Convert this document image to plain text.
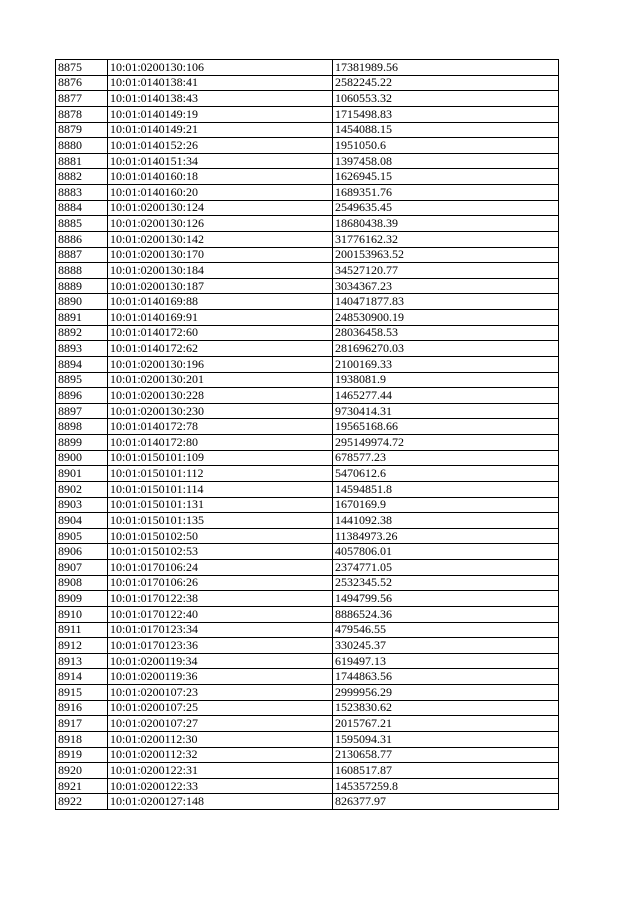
8875	10:01:0200130:106	17381989.56
8876	10:01:0140138:41	2582245.22
8877	10:01:0140138:43	1060553.32
8878	10:01:0140149:19	1715498.83
8879	10:01:0140149:21	1454088.15
8880	10:01:0140152:26	1951050.6
8881	10:01:0140151:34	1397458.08
8882	10:01:0140160:18	1626945.15
8883	10:01:0140160:20	1689351.76
8884	10:01:0200130:124	2549635.45
8885	10:01:0200130:126	18680438.39
8886	10:01:0200130:142	31776162.32
8887	10:01:0200130:170	200153963.52
8888	10:01:0200130:184	34527120.77
8889	10:01:0200130:187	3034367.23
8890	10:01:0140169:88	140471877.83
8891	10:01:0140169:91	248530900.19
8892	10:01:0140172:60	28036458.53
8893	10:01:0140172:62	281696270.03
8894	10:01:0200130:196	2100169.33
8895	10:01:0200130:201	1938081.9
8896	10:01:0200130:228	1465277.44
8897	10:01:0200130:230	9730414.31
8898	10:01:0140172:78	19565168.66
8899	10:01:0140172:80	295149974.72
8900	10:01:0150101:109	678577.23
8901	10:01:0150101:112	5470612.6
8902	10:01:0150101:114	14594851.8
8903	10:01:0150101:131	1670169.9
8904	10:01:0150101:135	1441092.38
8905	10:01:0150102:50	11384973.26
8906	10:01:0150102:53	4057806.01
8907	10:01:0170106:24	2374771.05
8908	10:01:0170106:26	2532345.52
8909	10:01:0170122:38	1494799.56
8910	10:01:0170122:40	8886524.36
8911	10:01:0170123:34	479546.55
8912	10:01:0170123:36	330245.37
8913	10:01:0200119:34	619497.13
8914	10:01:0200119:36	1744863.56
8915	10:01:0200107:23	2999956.29
8916	10:01:0200107:25	1523830.62
8917	10:01:0200107:27	2015767.21
8918	10:01:0200112:30	1595094.31
8919	10:01:0200112:32	2130658.77
8920	10:01:0200122:31	1608517.87
8921	10:01:0200122:33	145357259.8
8922	10:01:0200127:148	826377.97
